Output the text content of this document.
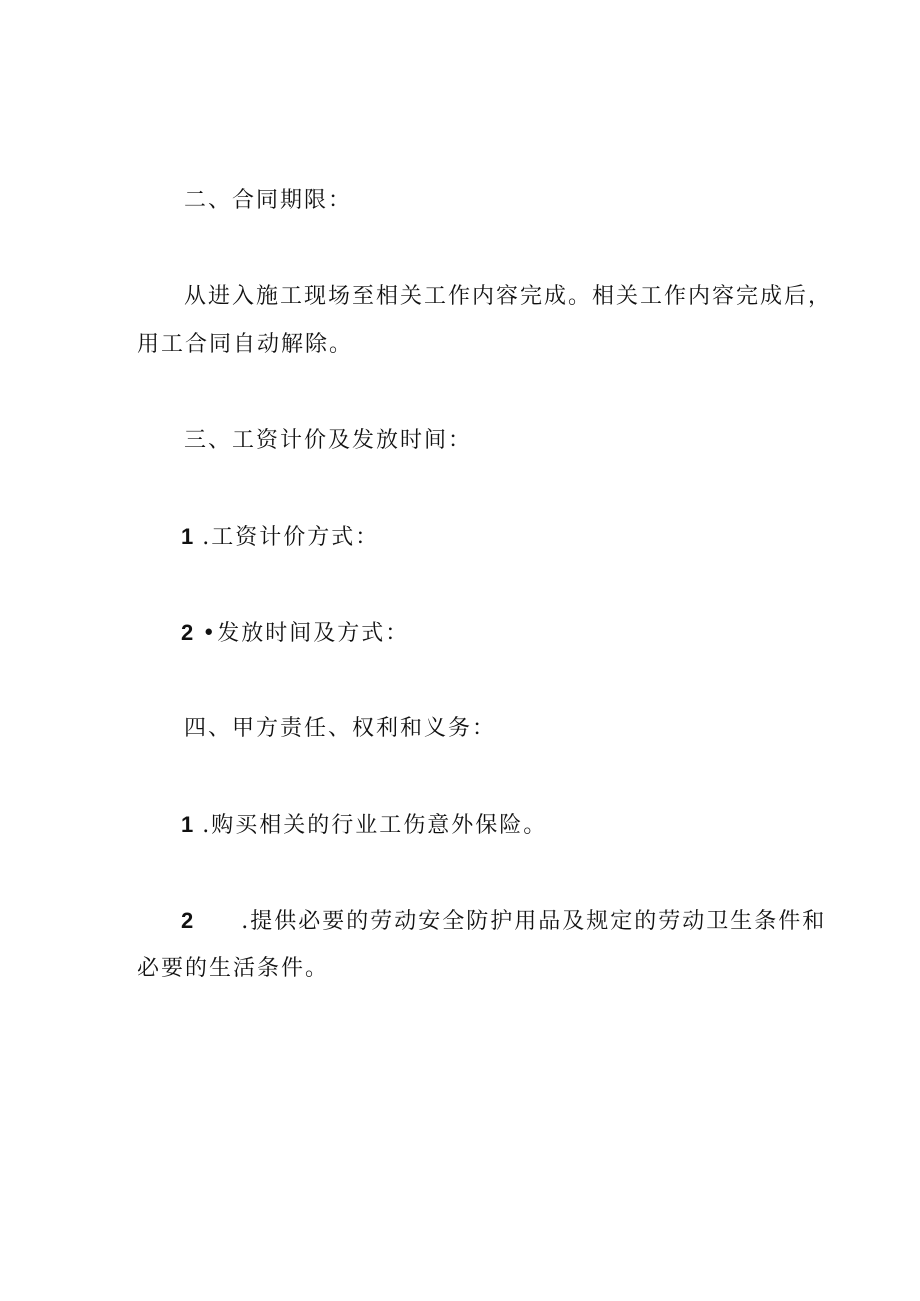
二、合同期限：

从进入施工现场至相关工作内容完成。相关工作内容完成后，

用工合同自动解除。

三、工资计价及发放时间：

1 .工资计价方式：

2 •发放时间及方式：

四、甲方责任、权利和义务：

1 .购买相关的行业工伤意外保险。

2 .提供必要的劳动安全防护用品及规定的劳动卫生条件和

必要的生活条件。
